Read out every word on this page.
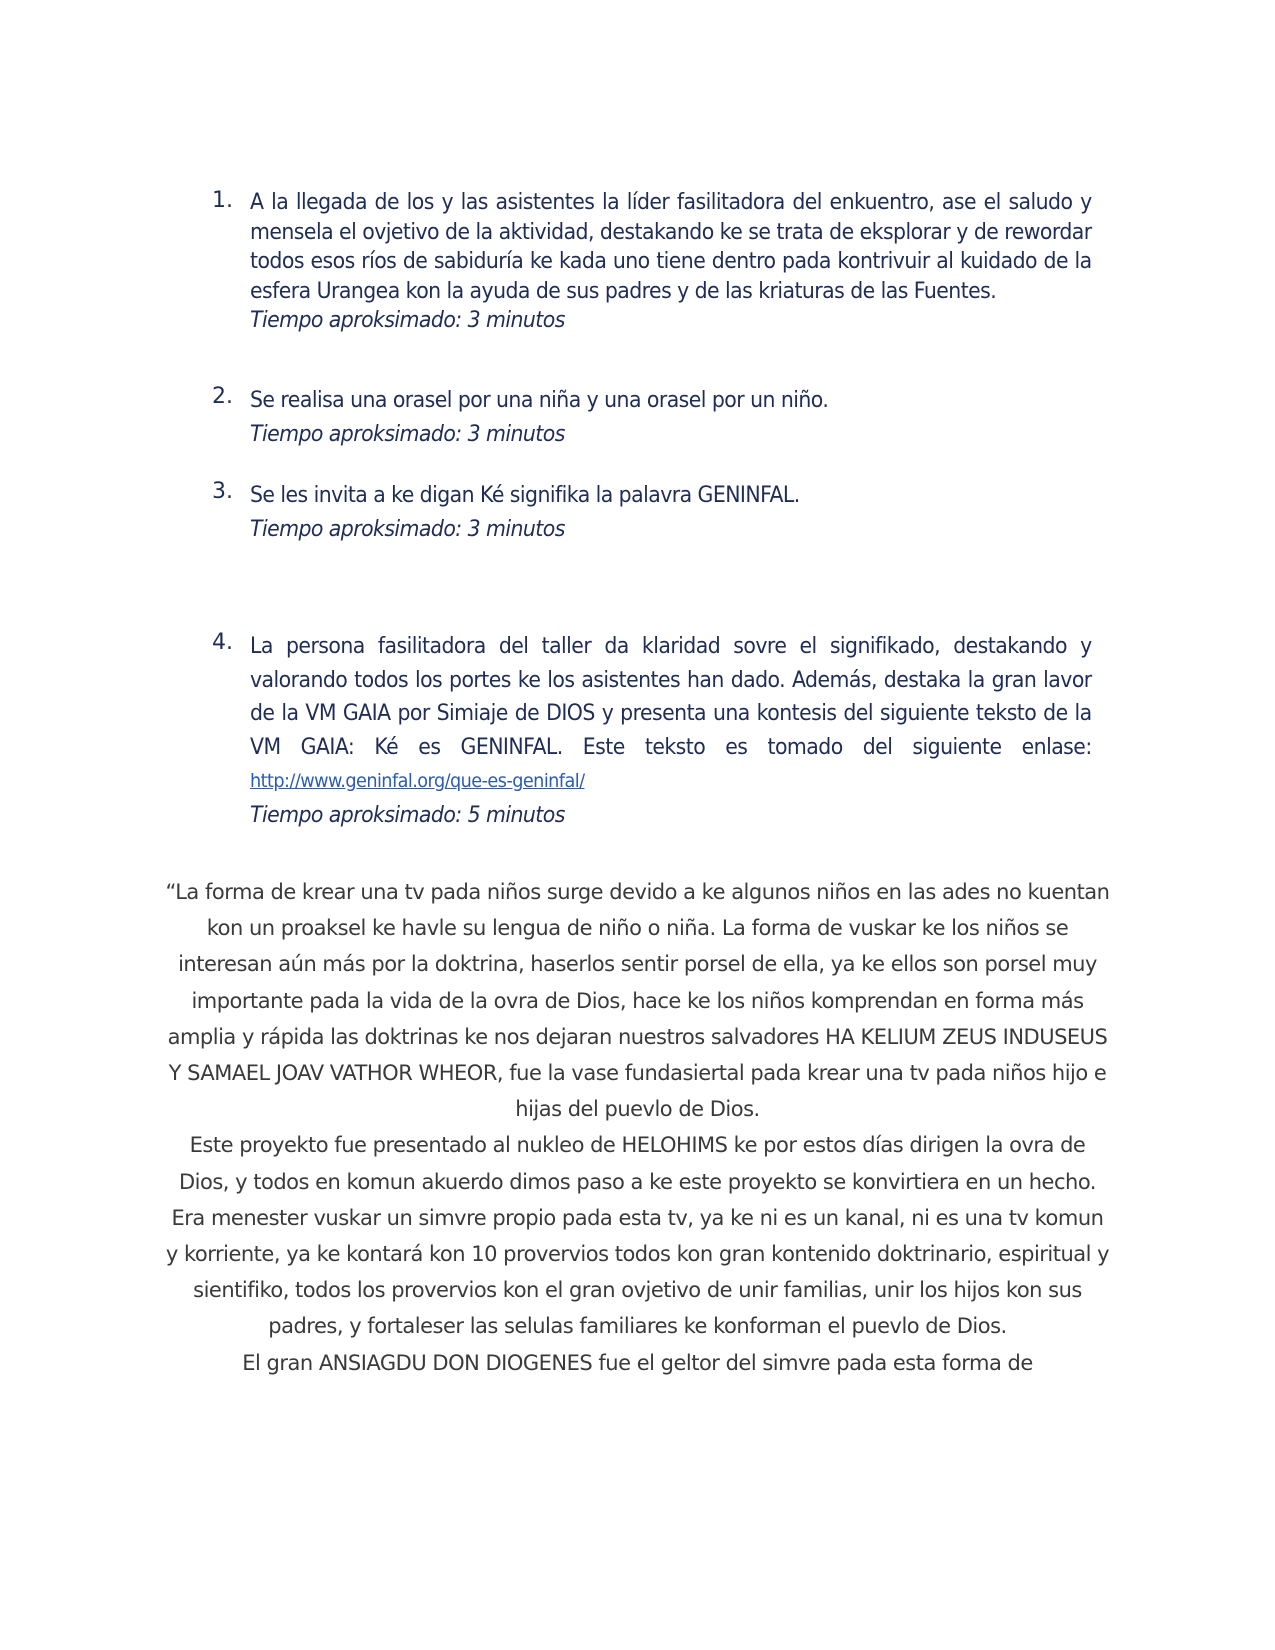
1. A la llegada de los y las asistentes la líder fasilitadora del enkuentro, ase el saludo y mensela el ovjetivo de la aktividad, destakando ke se trata de eksplorar y de rewordar todos esos ríos de sabiduría ke kada uno tiene dentro pada kontrivuir al kuidado de la esfera Urangea kon la ayuda de sus padres y de las kriaturas de las Fuentes.
Tiempo aproksimado: 3 minutos
2. Se realisa una orasel por una niña y una orasel por un niño.
Tiempo aproksimado: 3 minutos
3. Se les invita a ke digan Ké signifika la palavra GENINFAL.
Tiempo aproksimado: 3 minutos
4. La persona fasilitadora del taller da klaridad sovre el signifikado, destakando y valorando todos los portes ke los asistentes han dado. Además, destaka la gran lavor de la VM GAIA por Simiaje de DIOS y presenta una kontesis del siguiente teksto de la VM GAIA: Ké es GENINFAL. Este teksto es tomado del siguiente enlase: http://www.geninfal.org/que-es-geninfal/
Tiempo aproksimado: 5 minutos

“La forma de krear una tv pada niños surge devido a ke algunos niños en las ades no kuentan kon un proaksel ke havle su lengua de niño o niña. La forma de vuskar ke los niños se interesan aún más por la doktrina, haserlos sentir porsel de ella, ya ke ellos son porsel muy importante pada la vida de la ovra de Dios, hace ke los niños komprendan en forma más amplia y rápida las doktrinas ke nos dejaran nuestros salvadores HA KELIUM ZEUS INDUSEUS Y SAMAEL JOAV VATHOR WHEOR, fue la vase fundasiertal pada krear una tv pada niños hijo e hijas del puevlo de Dios.

Este proyekto fue presentado al nukleo de HELOHIMS ke por estos días dirigen la ovra de Dios, y todos en komun akuerdo dimos paso a ke este proyekto se konvirtiera en un hecho. Era menester vuskar un simvre propio pada esta tv, ya ke ni es un kanal, ni es una tv komun y korriente, ya ke kontará kon 10 provervios todos kon gran kontenido doktrinario, espiritual y sientifiko, todos los provervios kon el gran ovjetivo de unir familias, unir los hijos kon sus padres, y fortaleser las selulas familiares ke konforman el puevlo de Dios.

El gran ANSIAGDU DON DIOGENES fue el geltor del simvre pada esta forma de
